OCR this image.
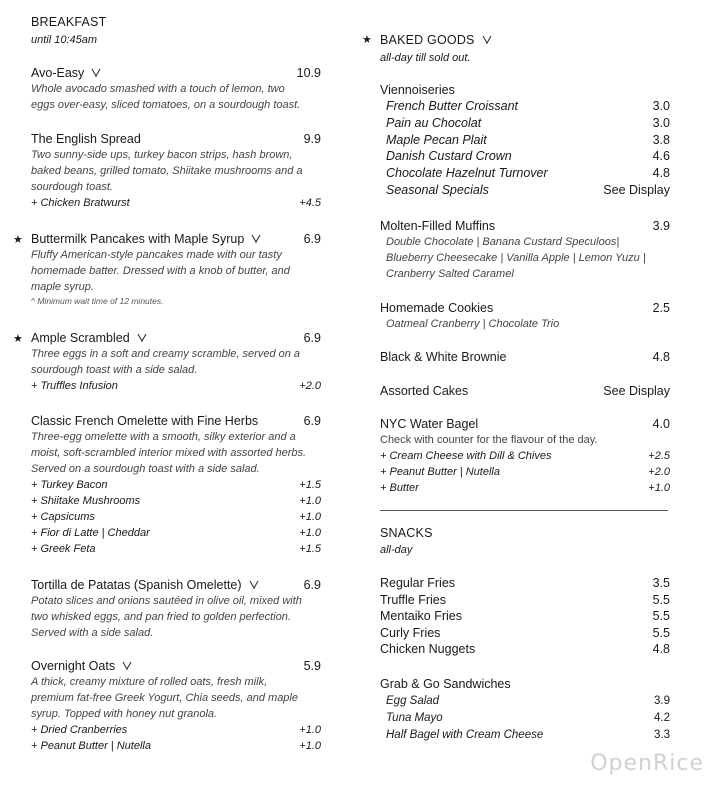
BREAKFAST
until 10:45am
Avo-Easy	10.9
Whole avocado smashed with a touch of lemon, two
eggs over-easy, sliced tomatoes, on a sourdough toast.
The English Spread	9.9
Two sunny-side ups, turkey bacon strips, hash brown,
baked beans, grilled tomato, Shiitake mushrooms and a
sourdough toast.
+ Chicken Bratwurst	+4.5
★ Buttermilk Pancakes with Maple Syrup	6.9
Fluffy American-style pancakes made with our tasty
homemade batter. Dressed with a knob of butter, and
maple syrup.
^ Minimum wait time of 12 minutes.
★ Ample Scrambled	6.9
Three eggs in a soft and creamy scramble, served on a
sourdough toast with a side salad.
+ Truffles Infusion	+2.0
Classic French Omelette with Fine Herbs	6.9
Three-egg omelette with a smooth, silky exterior and a
moist, soft-scrambled interior mixed with assorted herbs.
Served on a sourdough toast with a side salad.
+ Turkey Bacon	+1.5
+ Shiitake Mushrooms	+1.0
+ Capsicums	+1.0
+ Fior di Latte | Cheddar	+1.0
+ Greek Feta	+1.5
Tortilla de Patatas (Spanish Omelette)	6.9
Potato slices and onions sautéed in olive oil, mixed with
two whisked eggs, and pan fried to golden perfection.
Served with a side salad.
Overnight Oats	5.9
A thick, creamy mixture of rolled oats, fresh milk,
premium fat-free Greek Yogurt, Chia seeds, and maple
syrup. Topped with honey nut granola.
+ Dried Cranberries	+1.0
+ Peanut Butter | Nutella	+1.0
★ BAKED GOODS
all-day till sold out.
Viennoiseries
French Butter Croissant	3.0
Pain au Chocolat	3.0
Maple Pecan Plait	3.8
Danish Custard Crown	4.6
Chocolate Hazelnut Turnover	4.8
Seasonal Specials	See Display
Molten-Filled Muffins	3.9
Double Chocolate | Banana Custard Speculoos|
Blueberry Cheesecake | Vanilla Apple | Lemon Yuzu |
Cranberry Salted Caramel
Homemade Cookies	2.5
Oatmeal Cranberry | Chocolate Trio
Black & White Brownie	4.8
Assorted Cakes	See Display
NYC Water Bagel	4.0
Check with counter for the flavour of the day.
+ Cream Cheese with Dill & Chives	+2.5
+ Peanut Butter | Nutella	+2.0
+ Butter	+1.0
SNACKS
all-day
Regular Fries	3.5
Truffle Fries	5.5
Mentaiko Fries	5.5
Curly Fries	5.5
Chicken Nuggets	4.8
Grab & Go Sandwiches
Egg Salad	3.9
Tuna Mayo	4.2
Half Bagel with Cream Cheese	3.3
OpenRice
